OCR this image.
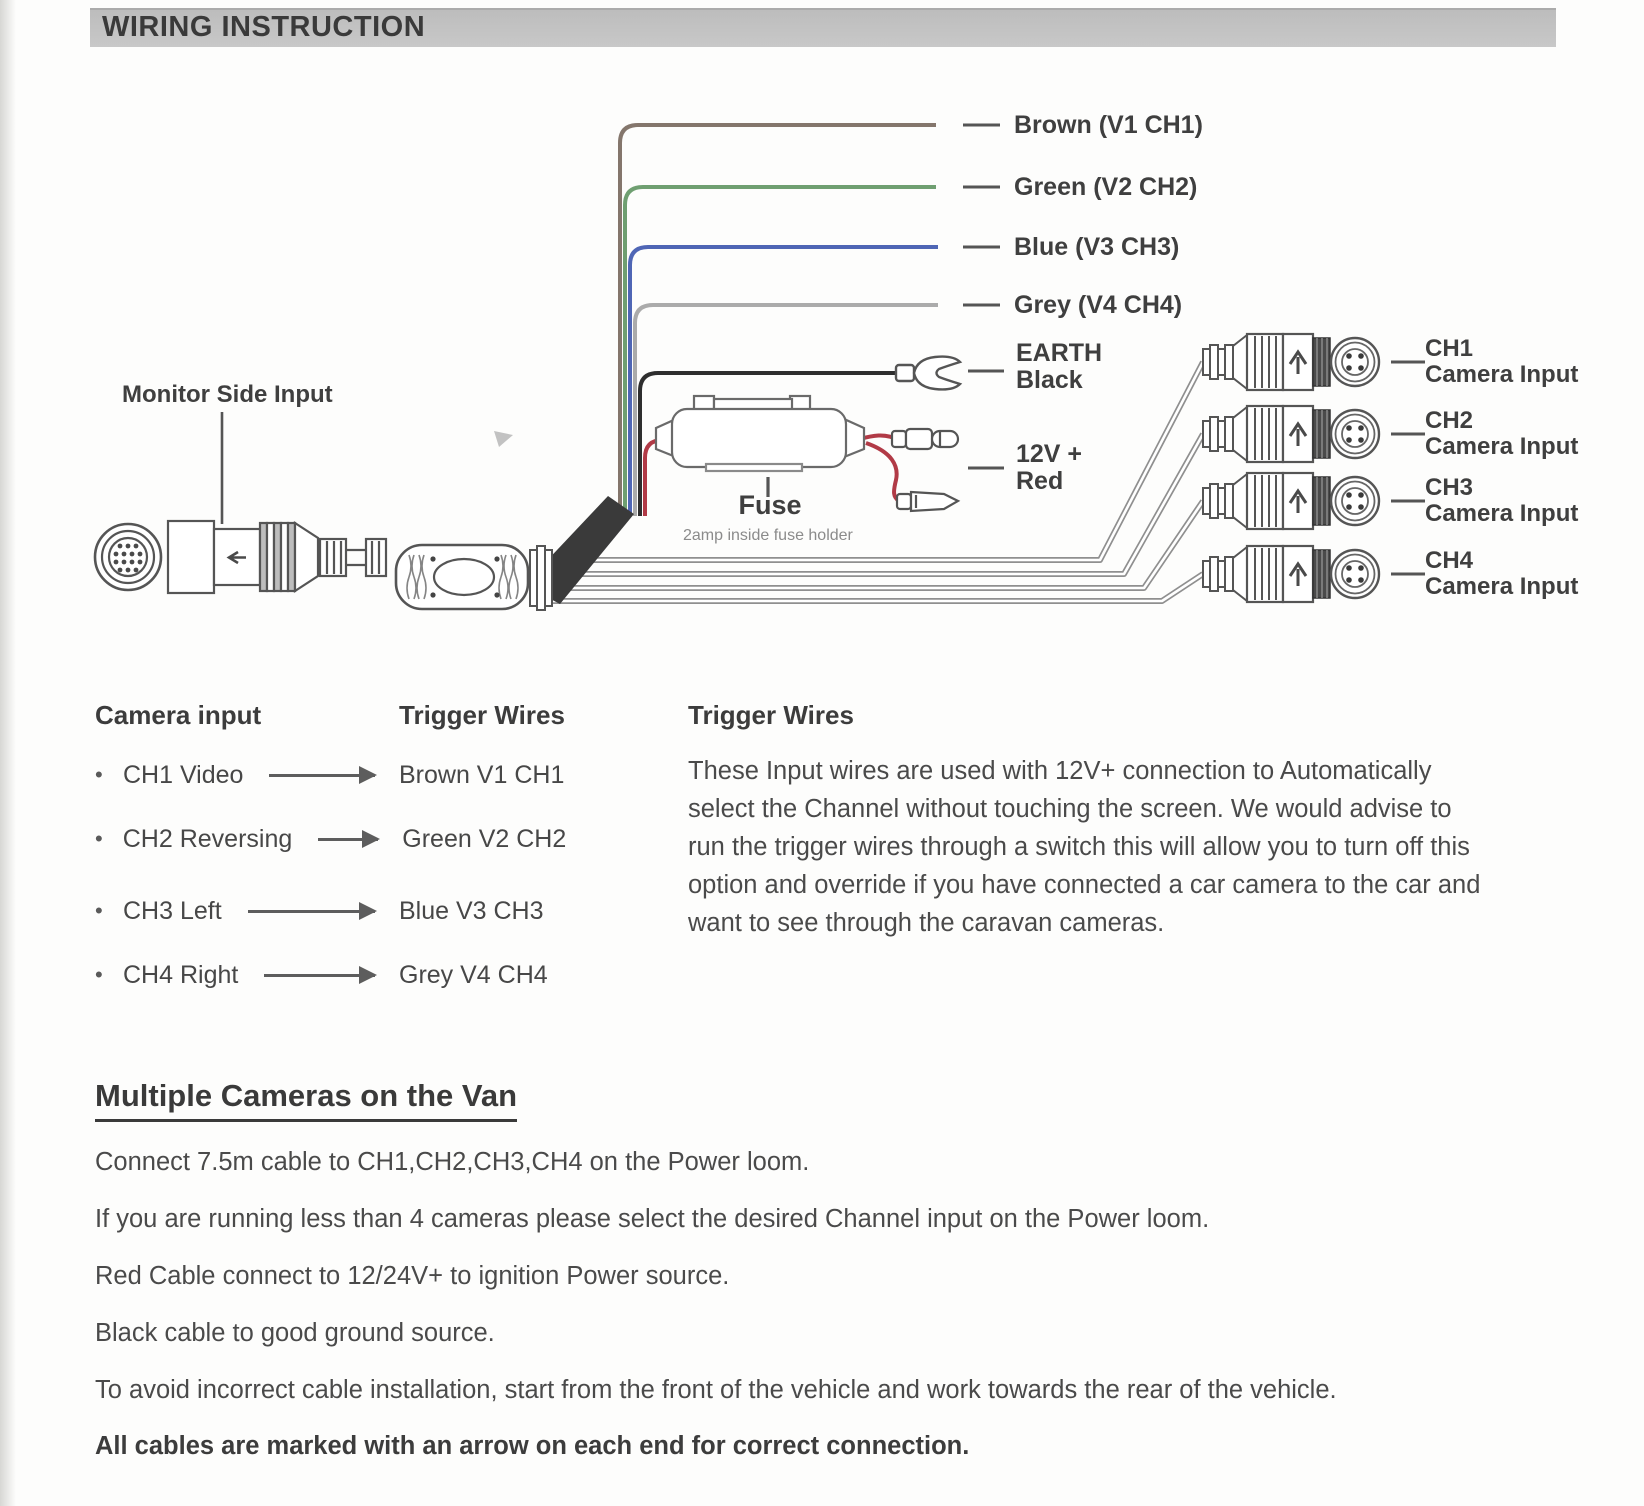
WIRING INSTRUCTION
Monitor Side Input
Brown (V1 CH1)
Green (V2 CH2)
Blue (V3 CH3)
Grey (V4 CH4)
EARTH
Black
12V +
Red
Fuse
2amp inside fuse holder
CH1
Camera Input
CH2
Camera Input
CH3
Camera Input
CH4
Camera Input
Camera input	Trigger Wires
• CH1 Video	Brown V1 CH1
• CH2 Reversing	Green V2 CH2
• CH3 Left	Blue V3 CH3
• CH4 Right	Grey V4 CH4
Trigger Wires
These Input wires are used with 12V+ connection to Automatically select the Channel without touching the screen. We would advise to run the trigger wires through a switch this will allow you to turn off this option and override if you have connected a car camera to the car and want to see through the caravan cameras.
Multiple Cameras on the Van
Connect 7.5m cable to CH1,CH2,CH3,CH4 on the Power loom.
If you are running less than 4 cameras please select the desired Channel input on the Power loom.
Red Cable connect to 12/24V+ to ignition Power source.
Black cable to good ground source.
To avoid incorrect cable installation, start from the front of the vehicle and work towards the rear of the vehicle.
All cables are marked with an arrow on each end for correct connection.
